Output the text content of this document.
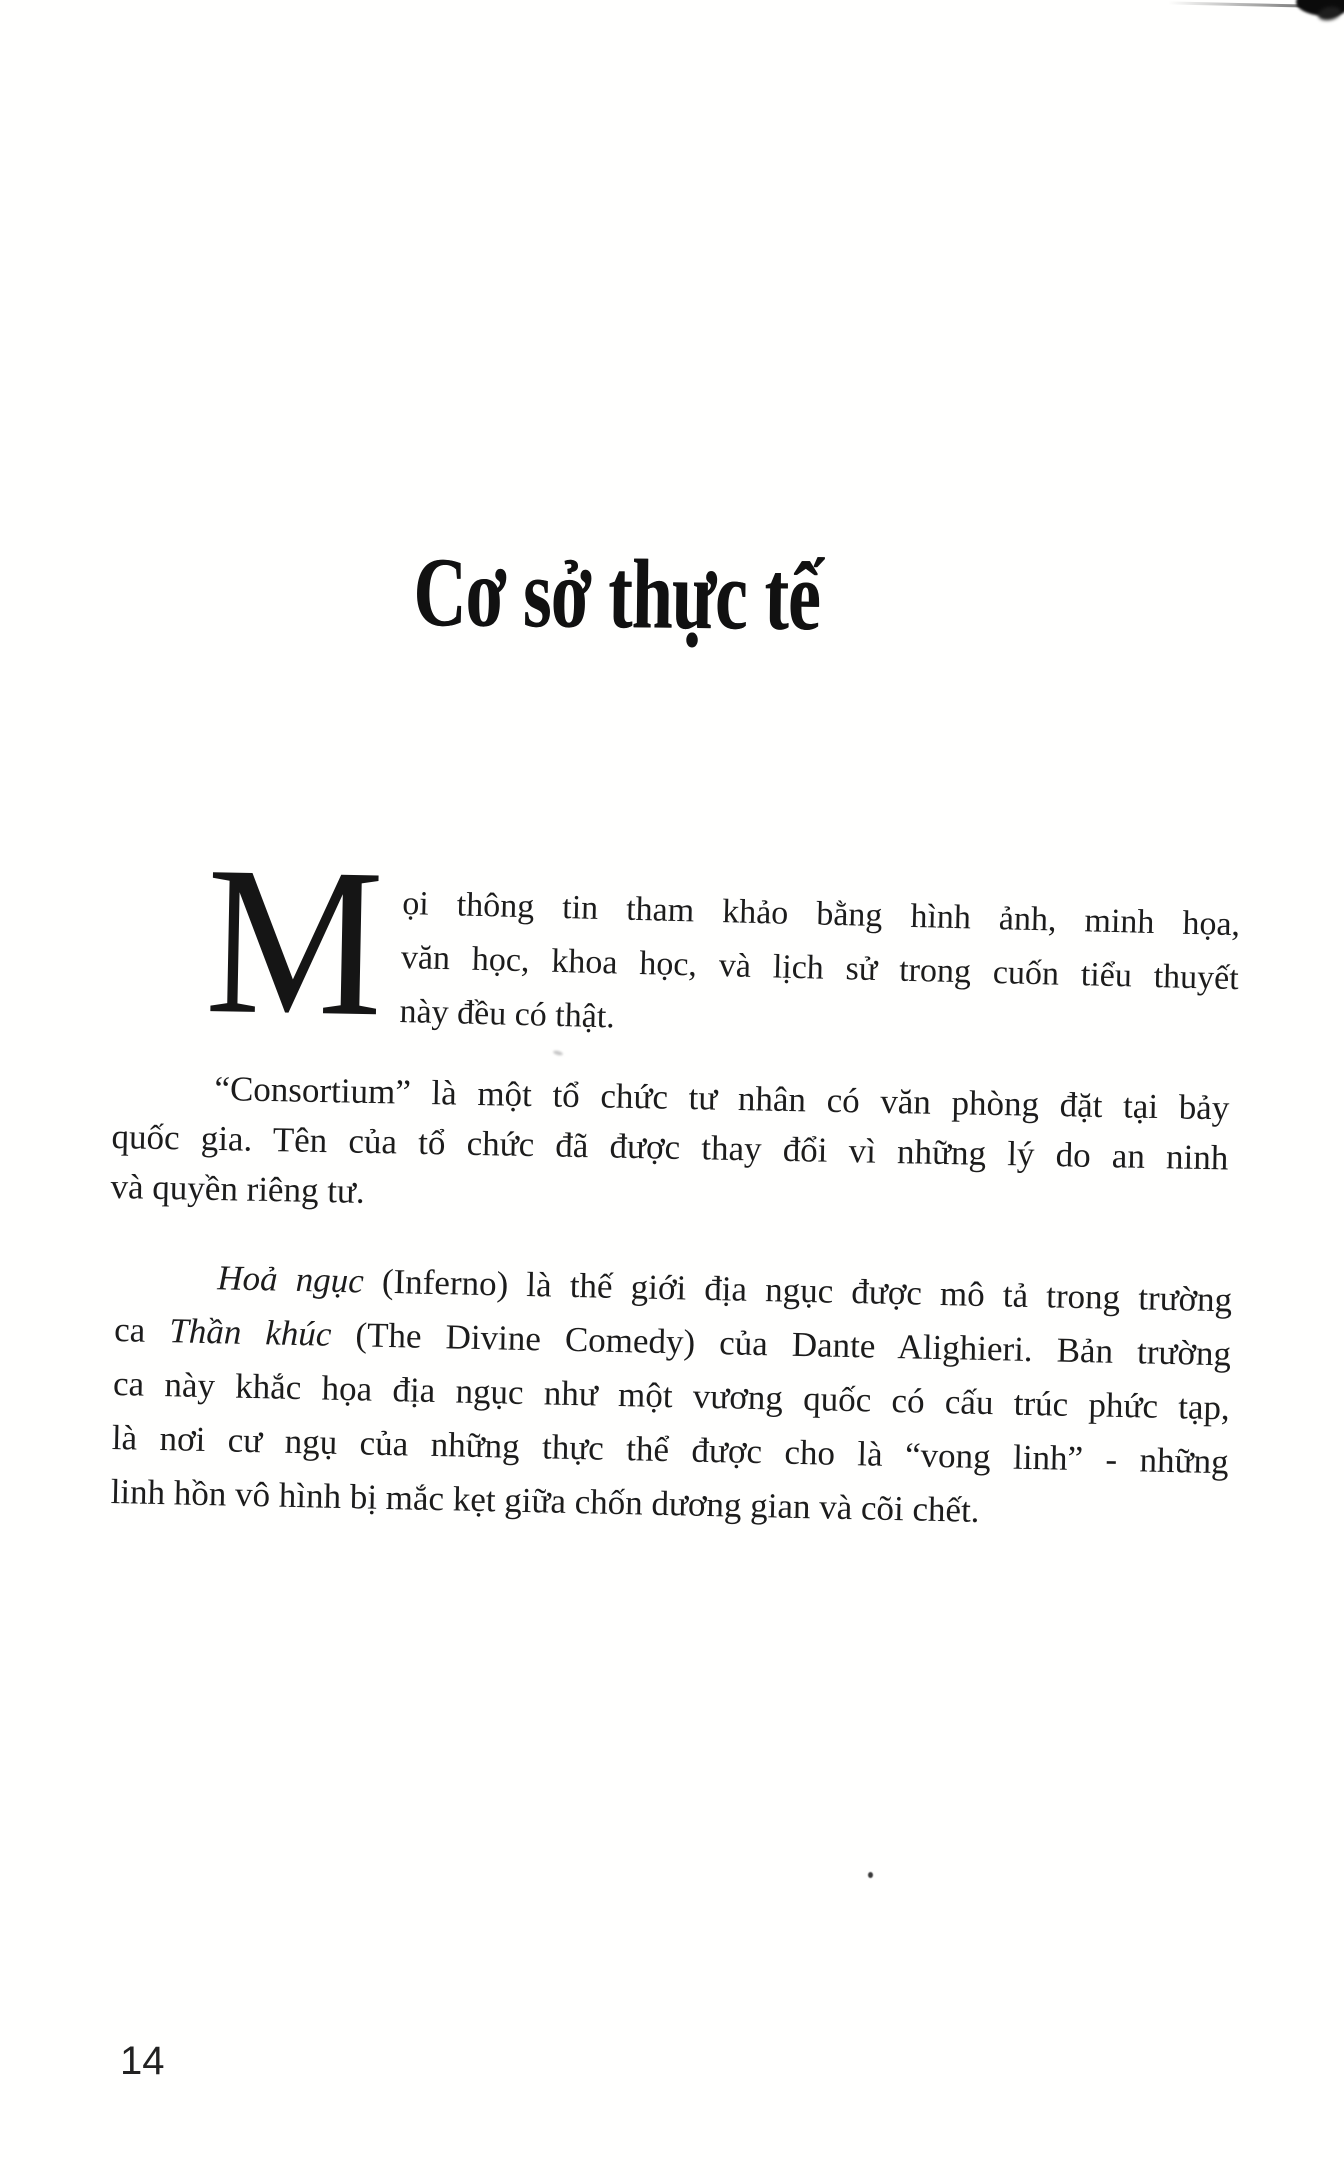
Cơ sở thực tế
M ọi thông tin tham khảo bằng hình ảnh, minh họa,
văn học, khoa học, và lịch sử trong cuốn tiểu thuyết
này đều có thật.
“Consortium” là một tổ chức tư nhân có văn phòng đặt tại bảy
quốc gia. Tên của tổ chức đã được thay đổi vì những lý do an ninh
và quyền riêng tư.
Hoả ngục (Inferno) là thế giới địa ngục được mô tả trong trường
ca Thần khúc (The Divine Comedy) của Dante Alighieri. Bản trường
ca này khắc họa địa ngục như một vương quốc có cấu trúc phức tạp,
là nơi cư ngụ của những thực thể được cho là “vong linh” - những
linh hồn vô hình bị mắc kẹt giữa chốn dương gian và cõi chết.
14
